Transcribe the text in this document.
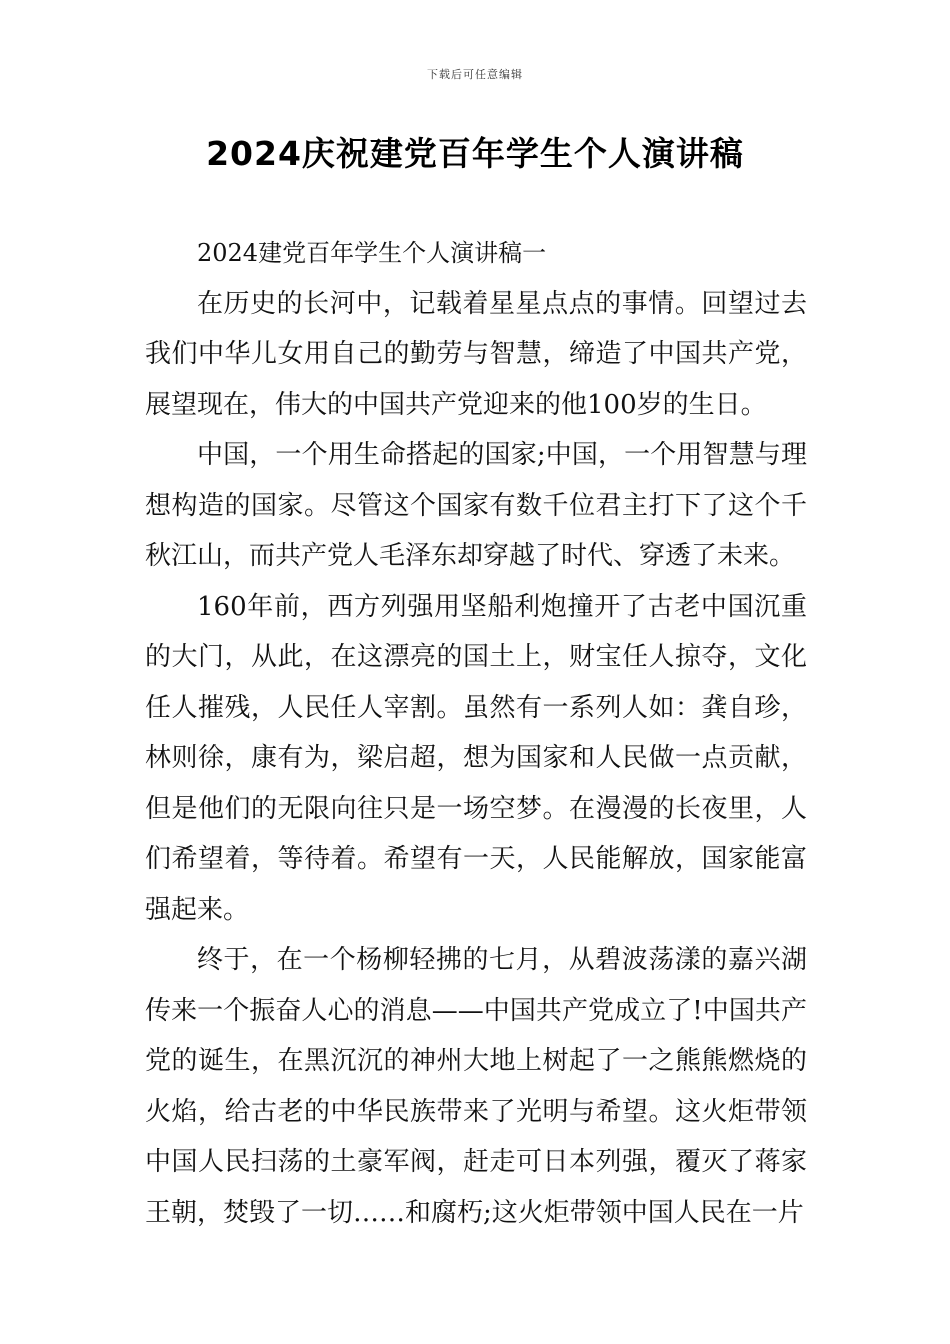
下载后可任意编辑
2024庆祝建党百年学生个人演讲稿

2024建党百年学生个人演讲稿一

在历史的长河中，记载着星星点点的事情。回望过去我们中华儿女用自己的勤劳与智慧，缔造了中国共产党，展望现在，伟大的中国共产党迎来的他100岁的生日。

中国，一个用生命搭起的国家;中国，一个用智慧与理想构造的国家。尽管这个国家有数千位君主打下了这个千秋江山，而共产党人毛泽东却穿越了时代、穿透了未来。

160年前，西方列强用坚船利炮撞开了古老中国沉重的大门，从此，在这漂亮的国土上，财宝任人掠夺，文化任人摧残，人民任人宰割。虽然有一系列人如：龚自珍，林则徐，康有为，梁启超，想为国家和人民做一点贡献，但是他们的无限向往只是一场空梦。在漫漫的长夜里，人们希望着，等待着。希望有一天，人民能解放，国家能富强起来。

终于，在一个杨柳轻拂的七月，从碧波荡漾的嘉兴湖传来一个振奋人心的消息——中国共产党成立了!中国共产党的诞生，在黑沉沉的神州大地上树起了一之熊熊燃烧的火焰，给古老的中华民族带来了光明与希望。这火炬带领中国人民扫荡的土豪军阀，赶走可日本列强，覆灭了蒋家王朝，焚毁了一切……和腐朽;这火炬带领中国人民在一片
